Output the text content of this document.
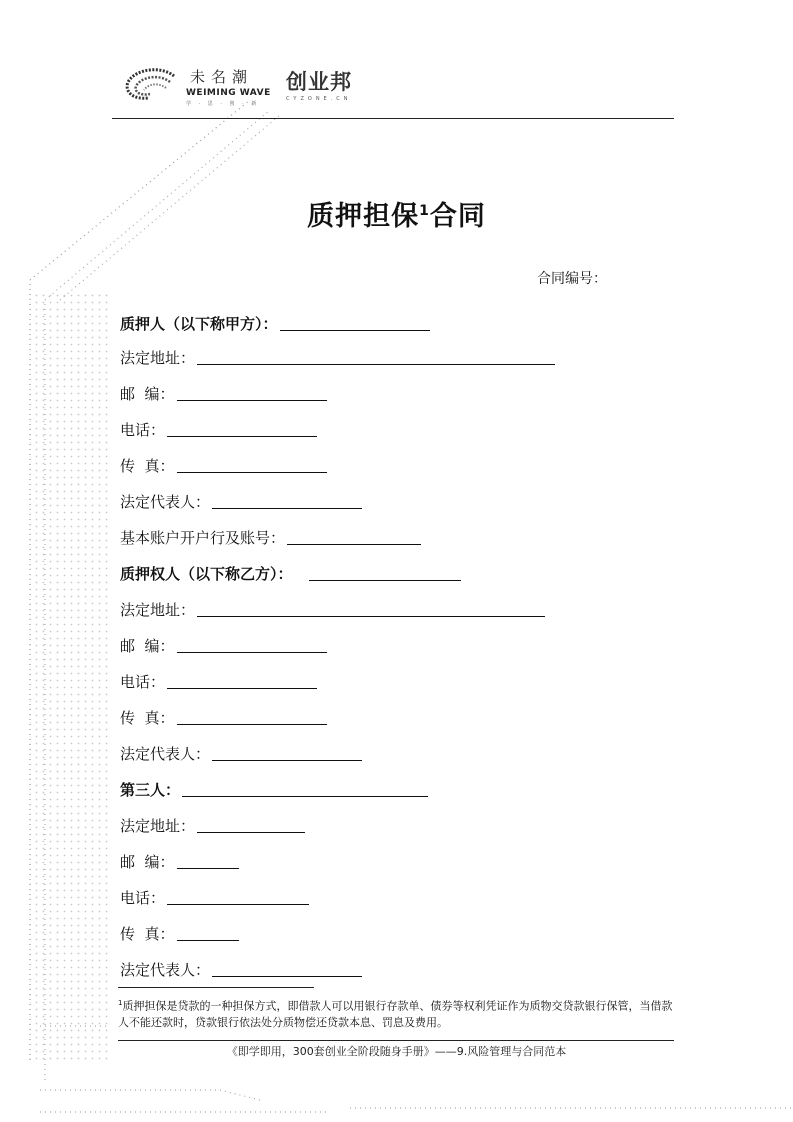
未名潮
WEIMING WAVE
学 · 思 · 创 · 新
创业邦
CYZONE.CN
质押担保$^1$合同
合同编号：
质押人（以下称甲方）：
法定地址：
邮  编：
电话：
传  真：
法定代表人：
基本账户开户行及账号：
质押权人（以下称乙方）：
法定地址：
邮  编：
电话：
传  真：
法定代表人：
第三人：
法定地址：
邮  编：
电话：
传  真：
法定代表人：
$^1$质押担保是贷款的一种担保方式，即借款人可以用银行存款单、债券等权利凭证作为质物交贷款银行保管，当借款人不能还款时，贷款银行依法处分质物偿还贷款本息、罚息及费用。
《即学即用，300套创业全阶段随身手册》——9.风险管理与合同范本
